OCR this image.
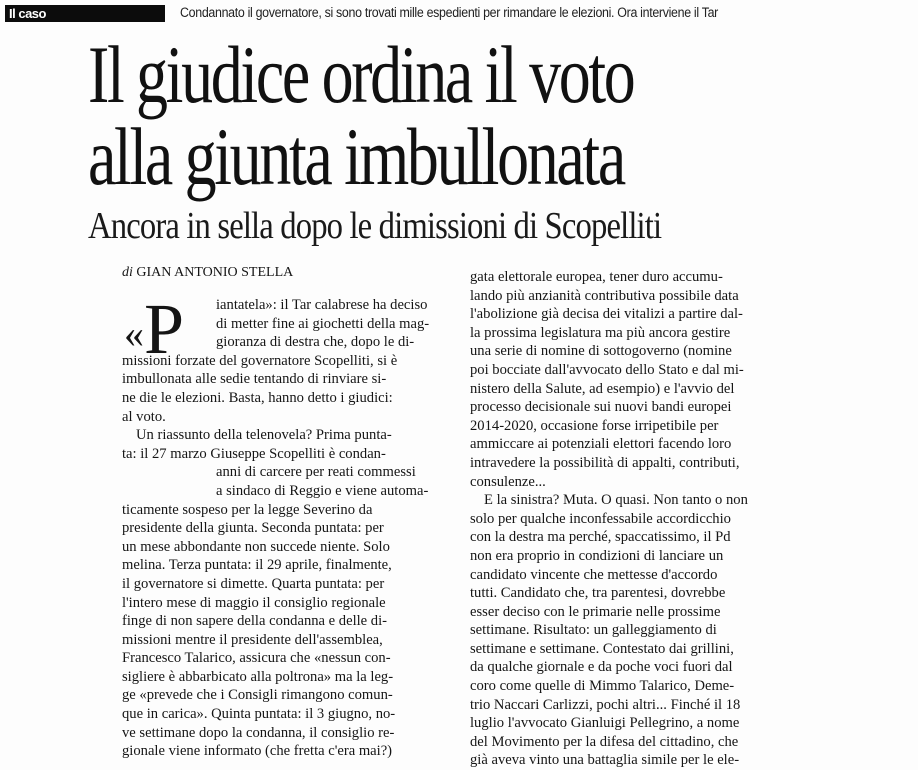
Il caso	Condannato il governatore, si sono trovati mille espedienti per rimandare le elezioni. Ora interviene il Tar
Il giudice ordina il voto
alla giunta imbullonata
Ancora in sella dopo le dimissioni di Scopelliti
di GIAN ANTONIO STELLA
«P	iantatela»: il Tar calabrese ha deciso
di metter fine ai giochetti della mag-
gioranza di destra che, dopo le di-
missioni forzate del governatore Scopelliti, si è
imbullonata alle sedie tentando di rinviare si-
ne die le elezioni. Basta, hanno detto i giudici:
al voto.
Un riassunto della telenovela? Prima punta-
ta: il 27 marzo Giuseppe Scopelliti è condan-
anni di carcere per reati commessi
a sindaco di Reggio e viene automa-
ticamente sospeso per la legge Severino da
presidente della giunta. Seconda puntata: per
un mese abbondante non succede niente. Solo
melina. Terza puntata: il 29 aprile, finalmente,
il governatore si dimette. Quarta puntata: per
l'intero mese di maggio il consiglio regionale
finge di non sapere della condanna e delle di-
missioni mentre il presidente dell'assemblea,
Francesco Talarico, assicura che «nessun con-
sigliere è abbarbicato alla poltrona» ma la leg-
ge «prevede che i Consigli rimangono comun-
que in carica». Quinta puntata: il 3 giugno, no-
ve settimane dopo la condanna, il consiglio re-
gionale viene informato (che fretta c'era mai?)
gata elettorale europea, tener duro accumu-
lando più anzianità contributiva possibile data
l'abolizione già decisa dei vitalizi a partire dal-
la prossima legislatura ma più ancora gestire
una serie di nomine di sottogoverno (nomine
poi bocciate dall'avvocato dello Stato e dal mi-
nistero della Salute, ad esempio) e l'avvio del
processo decisionale sui nuovi bandi europei
2014-2020, occasione forse irripetibile per
ammiccare ai potenziali elettori facendo loro
intravedere la possibilità di appalti, contributi,
consulenze...
E la sinistra? Muta. O quasi. Non tanto o non
solo per qualche inconfessabile accordicchio
con la destra ma perché, spaccatissimo, il Pd
non era proprio in condizioni di lanciare un
candidato vincente che mettesse d'accordo
tutti. Candidato che, tra parentesi, dovrebbe
esser deciso con le primarie nelle prossime
settimane. Risultato: un galleggiamento di
settimane e settimane. Contestato dai grillini,
da qualche giornale e da poche voci fuori dal
coro come quelle di Mimmo Talarico, Deme-
trio Naccari Carlizzi, pochi altri... Finché il 18
luglio l'avvocato Gianluigi Pellegrino, a nome
del Movimento per la difesa del cittadino, che
già aveva vinto una battaglia simile per le ele-
